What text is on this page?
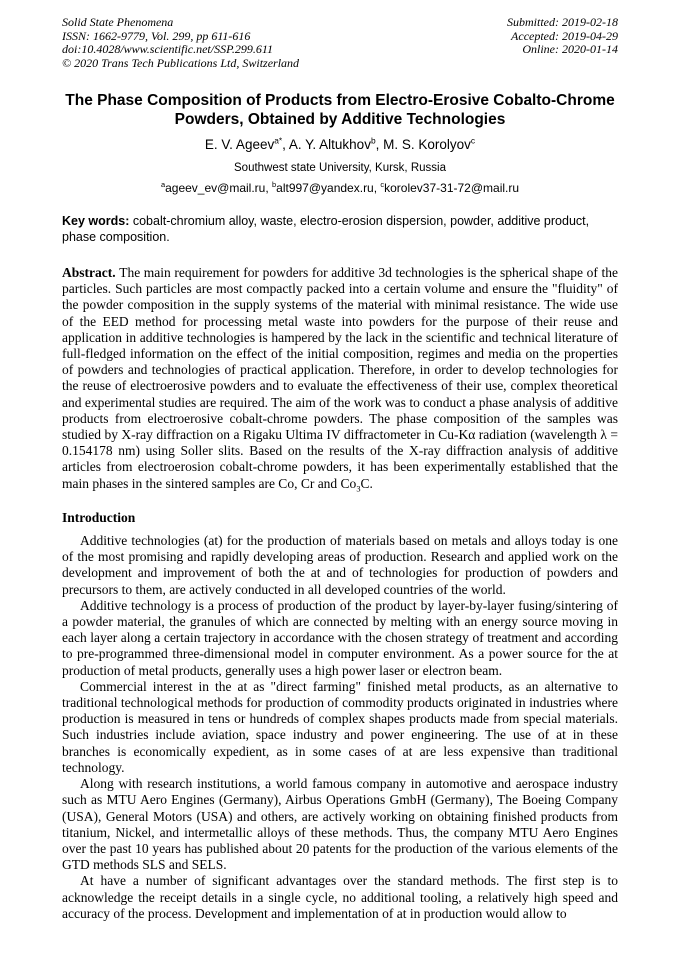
Solid State Phenomena
ISSN: 1662-9779, Vol. 299, pp 611-616
doi:10.4028/www.scientific.net/SSP.299.611
© 2020 Trans Tech Publications Ltd, Switzerland
Submitted: 2019-02-18
Accepted: 2019-04-29
Online: 2020-01-14
The Phase Composition of Products from Electro-Erosive Cobalto-Chrome Powders, Obtained by Additive Technologies
E. V. Ageev$^{a*}$, A. Y. Altukhov$^b$, M. S. Korolyov$^c$
Southwest state University, Kursk, Russia
$^a$ageev_ev@mail.ru, $^b$alt997@yandex.ru, $^c$korolev37-31-72@mail.ru

Key words: cobalt-chromium alloy, waste, electro-erosion dispersion, powder, additive product, phase composition.

Abstract. The main requirement for powders for additive 3d technologies is the spherical shape of the particles. Such particles are most compactly packed into a certain volume and ensure the "fluidity" of the powder composition in the supply systems of the material with minimal resistance. The wide use of the EED method for processing metal waste into powders for the purpose of their reuse and application in additive technologies is hampered by the lack in the scientific and technical literature of full-fledged information on the effect of the initial composition, regimes and media on the properties of powders and technologies of practical application. Therefore, in order to develop technologies for the reuse of electroerosive powders and to evaluate the effectiveness of their use, complex theoretical and experimental studies are required. The aim of the work was to conduct a phase analysis of additive products from electroerosive cobalt-chrome powders. The phase composition of the samples was studied by X-ray diffraction on a Rigaku Ultima IV diffractometer in Cu-Kα radiation (wavelength λ = 0.154178 nm) using Soller slits. Based on the results of the X-ray diffraction analysis of additive articles from electroerosion cobalt-chrome powders, it has been experimentally established that the main phases in the sintered samples are Co, Cr and $Co_3C$.

Introduction

Additive technologies (at) for the production of materials based on metals and alloys today is one of the most promising and rapidly developing areas of production. Research and applied work on the development and improvement of both the at and of technologies for production of powders and precursors to them, are actively conducted in all developed countries of the world.

Additive technology is a process of production of the product by layer-by-layer fusing/sintering of a powder material, the granules of which are connected by melting with an energy source moving in each layer along a certain trajectory in accordance with the chosen strategy of treatment and according to pre-programmed three-dimensional model in computer environment. As a power source for the at production of metal products, generally uses a high power laser or electron beam.

Commercial interest in the at as "direct farming" finished metal products, as an alternative to traditional technological methods for production of commodity products originated in industries where production is measured in tens or hundreds of complex shapes products made from special materials. Such industries include aviation, space industry and power engineering. The use of at in these branches is economically expedient, as in some cases of at are less expensive than traditional technology.

Along with research institutions, a world famous company in automotive and aerospace industry such as MTU Aero Engines (Germany), Airbus Operations GmbH (Germany), The Boeing Company (USA), General Motors (USA) and others, are actively working on obtaining finished products from titanium, Nickel, and intermetallic alloys of these methods. Thus, the company MTU Aero Engines over the past 10 years has published about 20 patents for the production of the various elements of the GTD methods SLS and SELS.

At have a number of significant advantages over the standard methods. The first step is to acknowledge the receipt details in a single cycle, no additional tooling, a relatively high speed and accuracy of the process. Development and implementation of at in production would allow to
